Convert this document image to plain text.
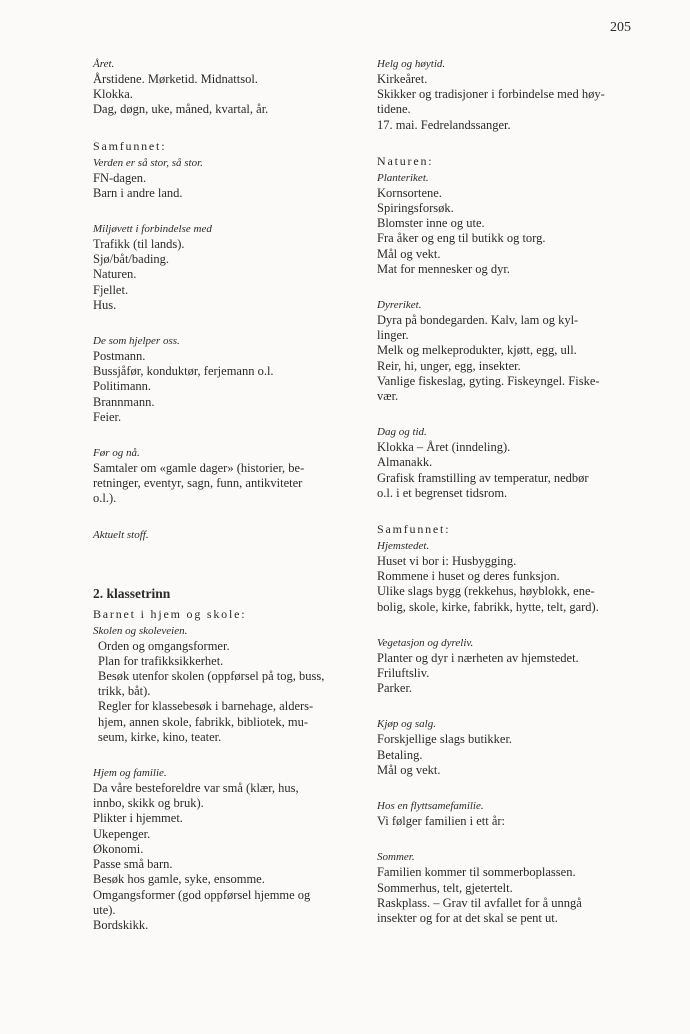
205
Året.
Årstidene. Mørketid. Midnattsol.
Klokka.
Dag, døgn, uke, måned, kvartal, år.
Samfunnet:
Verden er så stor, så stor.
FN-dagen.
Barn i andre land.
Miljøvett i forbindelse med
Trafikk (til lands).
Sjø/båt/bading.
Naturen.
Fjellet.
Hus.
De som hjelper oss.
Postmann.
Bussjåfør, konduktør, ferjemann o.l.
Politimann.
Brannmann.
Feier.
Før og nå.
Samtaler om «gamle dager» (historier, be-
retninger, eventyr, sagn, funn, antikviteter
o.l.).
Aktuelt stoff.
2. klassetrinn
Barnet i hjem og skole:
Skolen og skoleveien.
Orden og omgangsformer.
Plan for trafikksikkerhet.
Besøk utenfor skolen (oppførsel på tog, buss,
trikk, båt).
Regler for klassebesøk i barnehage, alders-
hjem, annen skole, fabrikk, bibliotek, mu-
seum, kirke, kino, teater.
Hjem og familie.
Da våre besteforeldre var små (klær, hus,
innbo, skikk og bruk).
Plikter i hjemmet.
Ukepenger.
Økonomi.
Passe små barn.
Besøk hos gamle, syke, ensomme.
Omgangsformer (god oppførsel hjemme og
ute).
Bordskikk.
Helg og høytid.
Kirkeåret.
Skikker og tradisjoner i forbindelse med høy-
tidene.
17. mai. Fedrelandssanger.
Naturen:
Planteriket.
Kornsortene.
Spiringsforsøk.
Blomster inne og ute.
Fra åker og eng til butikk og torg.
Mål og vekt.
Mat for mennesker og dyr.
Dyreriket.
Dyra på bondegarden. Kalv, lam og kyl-
linger.
Melk og melkeprodukter, kjøtt, egg, ull.
Reir, hi, unger, egg, insekter.
Vanlige fiskeslag, gyting. Fiskeyngel. Fiske-
vær.
Dag og tid.
Klokka – Året (inndeling).
Almanakk.
Grafisk framstilling av temperatur, nedbør
o.l. i et begrenset tidsrom.
Samfunnet:
Hjemstedet.
Huset vi bor i: Husbygging.
Rommene i huset og deres funksjon.
Ulike slags bygg (rekkehus, høyblokk, ene-
bolig, skole, kirke, fabrikk, hytte, telt, gard).
Vegetasjon og dyreliv.
Planter og dyr i nærheten av hjemstedet.
Friluftsliv.
Parker.
Kjøp og salg.
Forskjellige slags butikker.
Betaling.
Mål og vekt.
Hos en flyttsamefamilie.
Vi følger familien i ett år:
Sommer.
Familien kommer til sommerboplassen.
Sommerhus, telt, gjetertelt.
Raskplass. – Grav til avfallet for å unngå
insekter og for at det skal se pent ut.
